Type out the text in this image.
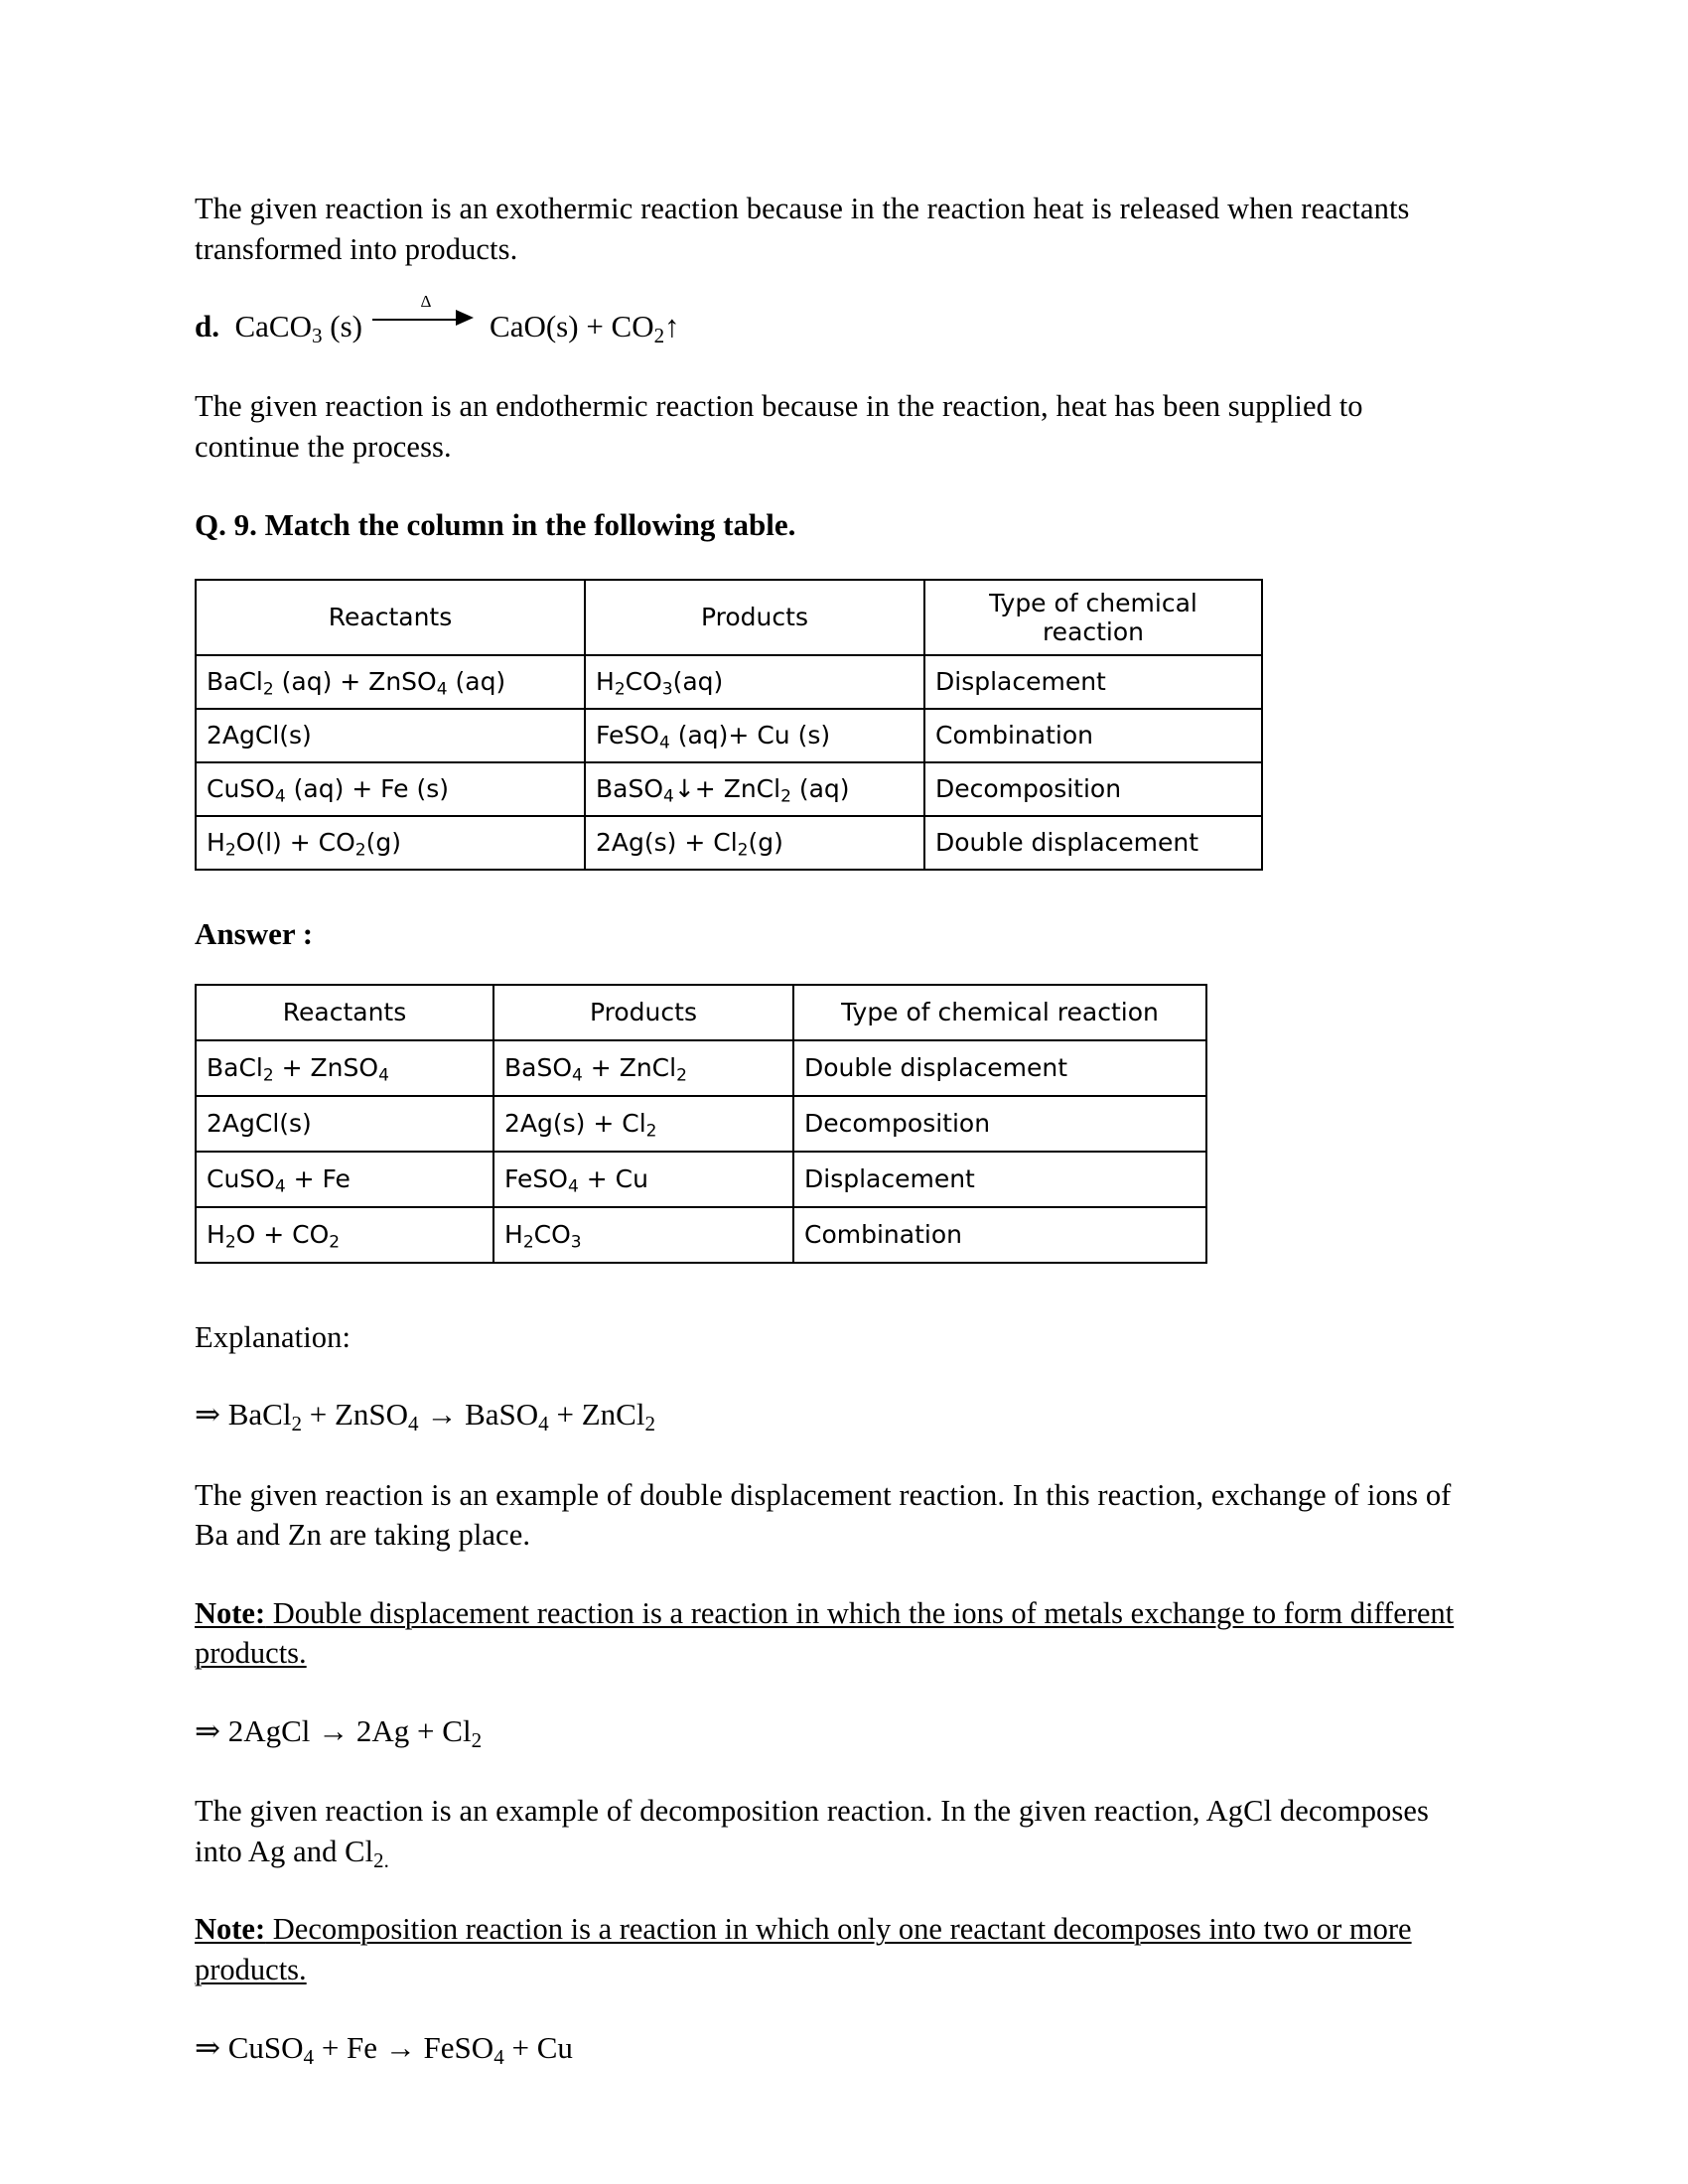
The given reaction is an exothermic reaction because in the reaction heat is released when reactants transformed into products.

d. CaCO$_3$ (s)
Δ
$CaO(s) + CO_2↑$

The given reaction is an endothermic reaction because in the reaction, heat has been supplied to continue the process.

Q. 9. Match the column in the following table.
Reactants	Products	Type of chemical
reaction
BaCl$_2$ (aq) + ZnSO$_4$ (aq)	$H_2CO_3(aq)$	Displacement
2AgCl(s)	FeSO$_4$ (aq)+ Cu (s)	Combination
CuSO$_4$ (aq) + Fe (s)	BaSO$_4$↓+ ZnCl$_2$ (aq)	Decomposition
$H_2O(l) + CO_2(g)$	$2Ag(s) + Cl_2(g)$	Double displacement
Answer :
Reactants	Products	Type of chemical reaction
BaCl$_2$ + ZnSO$_4$	BaSO$_4$ + ZnCl$_2$	Double displacement
2AgCl(s)	$2Ag(s) + Cl_2$	Decomposition
CuSO$_4$ + Fe	FeSO$_4$ + Cu	Displacement
$H_2O + CO_2$	$H_2CO_3$	Combination

Explanation:

⇒ BaCl$_2$ + ZnSO$_4$ → BaSO$_4$ + ZnCl$_2$

The given reaction is an example of double displacement reaction. In this reaction, exchange of ions of Ba and Zn are taking place.

Note: Double displacement reaction is a reaction in which the ions of metals exchange to form different products.

⇒ 2AgCl → $2Ag + Cl_2$

The given reaction is an example of decomposition reaction. In the given reaction, AgCl decomposes into Ag and $Cl_{2.}$

Note: Decomposition reaction is a reaction in which only one reactant decomposes into two or more products.

⇒ CuSO$_4$ + Fe → FeSO$_4$ + Cu
